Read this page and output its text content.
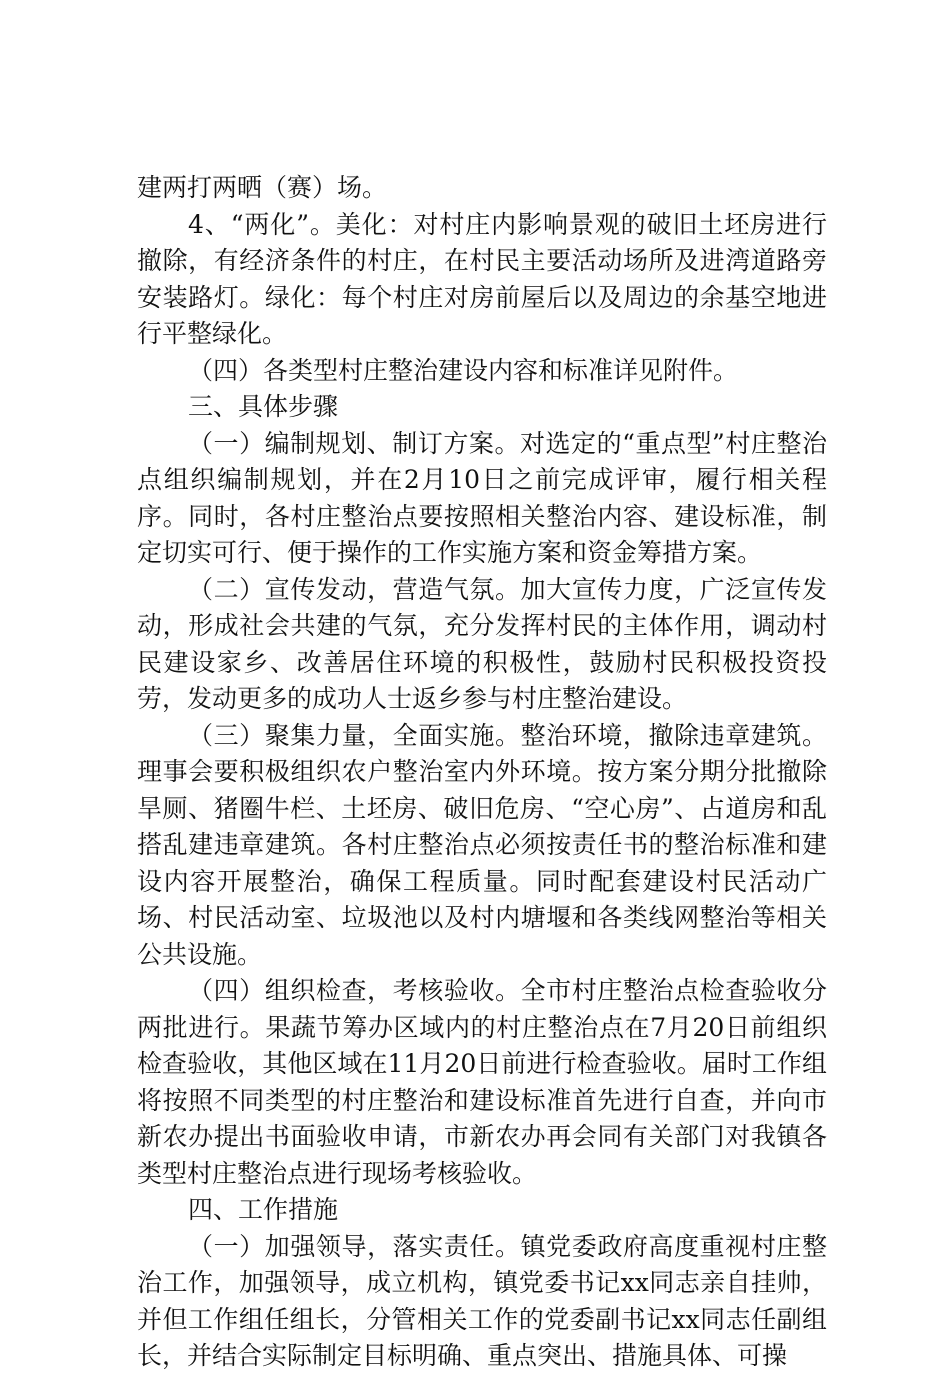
建两打两晒（赛）场。

4、“两化”。美化：对村庄内影响景观的破旧土坯房进行撤除，有经济条件的村庄，在村民主要活动场所及进湾道路旁安装路灯。绿化：每个村庄对房前屋后以及周边的余基空地进行平整绿化。

（四）各类型村庄整治建设内容和标准详见附件。

三、具体步骤

（一）编制规划、制订方案。对选定的“重点型”村庄整治点组织编制规划，并在2月10日之前完成评审，履行相关程序。同时，各村庄整治点要按照相关整治内容、建设标准，制定切实可行、便于操作的工作实施方案和资金筹措方案。

（二）宣传发动，营造气氛。加大宣传力度，广泛宣传发动，形成社会共建的气氛，充分发挥村民的主体作用，调动村民建设家乡、改善居住环境的积极性，鼓励村民积极投资投劳，发动更多的成功人士返乡参与村庄整治建设。

（三）聚集力量，全面实施。整治环境，撤除违章建筑。理事会要积极组织农户整治室内外环境。按方案分期分批撤除旱厕、猪圈牛栏、土坯房、破旧危房、“空心房”、占道房和乱搭乱建违章建筑。各村庄整治点必须按责任书的整治标准和建设内容开展整治，确保工程质量。同时配套建设村民活动广场、村民活动室、垃圾池以及村内塘堰和各类线网整治等相关公共设施。

（四）组织检查，考核验收。全市村庄整治点检查验收分两批进行。果蔬节筹办区域内的村庄整治点在7月20日前组织检查验收，其他区域在11月20日前进行检查验收。届时工作组将按照不同类型的村庄整治和建设标准首先进行自查，并向市新农办提出书面验收申请，市新农办再会同有关部门对我镇各类型村庄整治点进行现场考核验收。

四、工作措施

（一）加强领导，落实责任。镇党委政府高度重视村庄整治工作，加强领导，成立机构，镇党委书记xx同志亲自挂帅，并但工作组任组长，分管相关工作的党委副书记xx同志任副组长，并结合实际制定目标明确、重点突出、措施具体、可操
